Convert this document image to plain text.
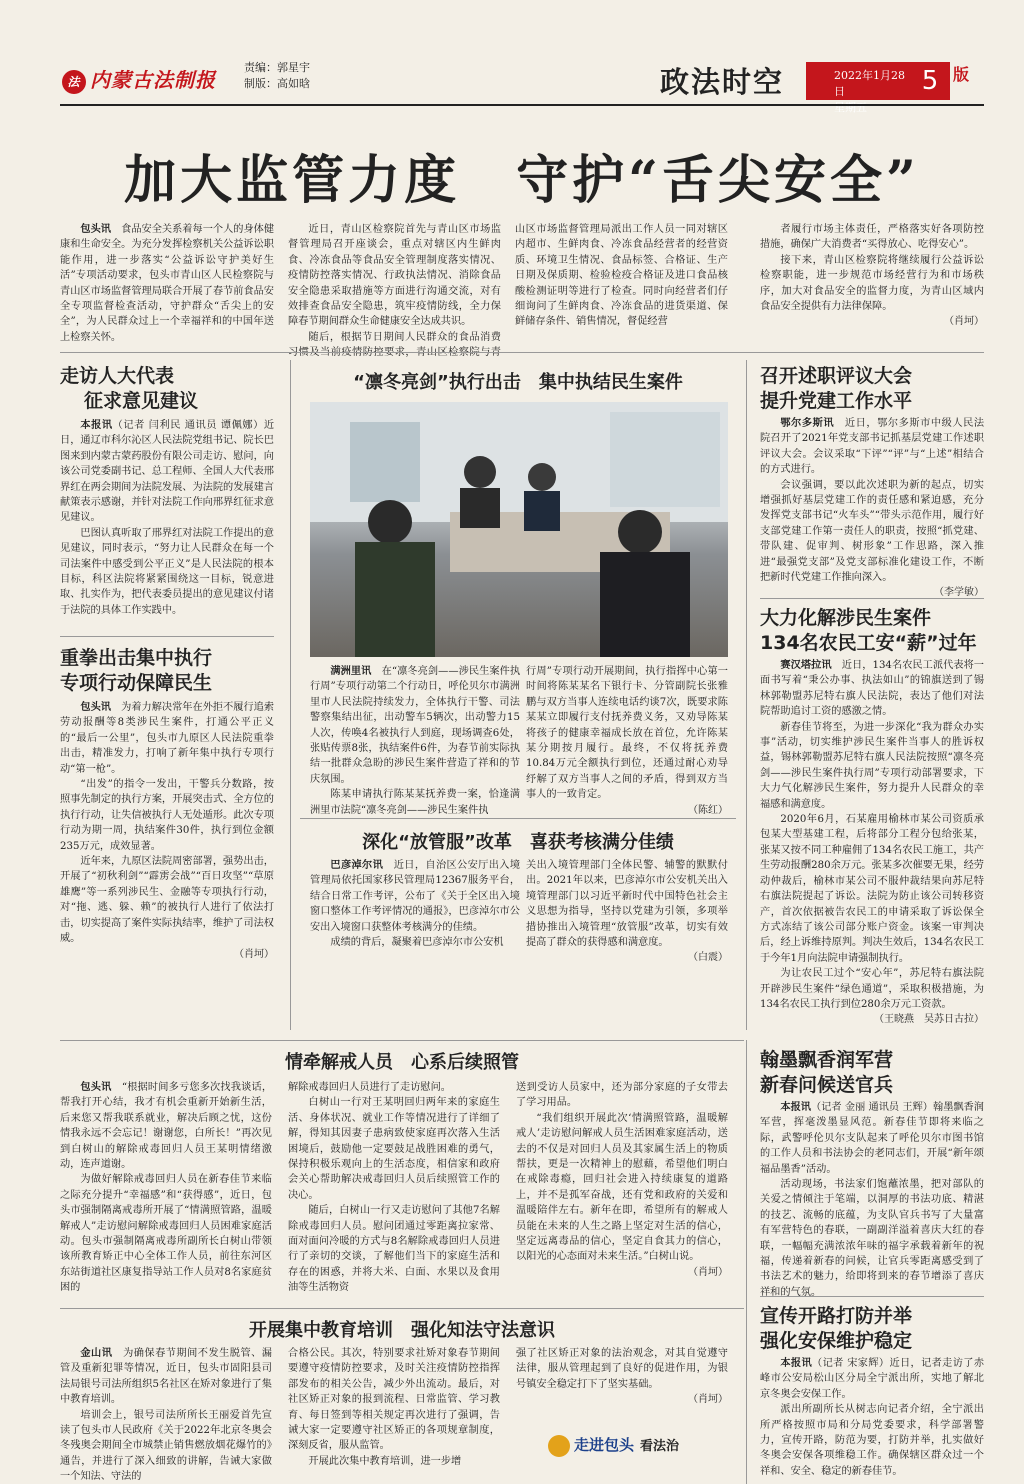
法 内蒙古法制报
责编：郭星宇
制版：高如晗	政法时空	2022年1月28日
星期五
5 版
加大监管力度　守护“舌尖安全”

包头讯　 食品安全关系着每一个人的身体健康和生命安全。为充分发挥检察机关公益诉讼职能作用，进一步落实“公益诉讼守护美好生活”专项活动要求，包头市青山区人民检察院与青山区市场监督管理局联合开展了春节前食品安全专项监督检查活动，守护群众“舌尖上的安全”，为人民群众过上一个幸福祥和的中国年送上检察关怀。

近日，青山区检察院首先与青山区市场监督管理局召开座谈会，重点对辖区内生鲜肉食、冷冻食品等食品安全管理制度落实情况、疫情防控落实情况、行政执法情况、消除食品安全隐患采取措施等方面进行沟通交流，对有效排查食品安全隐患，筑牢疫情防线，全力保障春节期间群众生命健康安全达成共识。

随后，根据节日期间人民群众的食品消费习惯及当前疫情防控要求，青山区检察院与青山区市场监督管理局派出工作人员一同对辖区内超市、生鲜肉食、冷冻食品经营者的经营资质、环境卫生情况、食品标签、合格证、生产日期及保质期、检验检疫合格证及进口食品核酸检测证明等进行了检查。同时向经营者们仔细询问了生鲜肉食、冷冻食品的进货渠道、保鲜储存条件、销售情况，督促经营

者履行市场主体责任，严格落实好各项防控措施，确保广大消费者“买得放心、吃得安心”。

接下来，青山区检察院将继续履行公益诉讼检察职能，进一步规范市场经营行为和市场秩序，加大对食品安全的监督力度，为青山区域内食品安全提供有力法律保障。

（肖坷）
走访人大代表
征求意见建议

本报讯（记者 闫利民 通讯员 谭佩娜）近日，通辽市科尔沁区人民法院党组书记、院长巴图来到内蒙古蒙药股份有限公司走访、慰问，向该公司党委副书记、总工程师、全国人大代表邢界红在两会期间为法院发展、为法院的发展建言献策表示感谢，并针对法院工作向邢界红征求意见建议。

巴图认真听取了邢界红对法院工作提出的意见建议，同时表示，“努力让人民群众在每一个司法案件中感受到公平正义”是人民法院的根本目标，科区法院将紧紧围绕这一目标，锐意进取、扎实作为，把代表委员提出的意见建议付诸于法院的具体工作实践中。

重拳出击集中执行
专项行动保障民生

包头讯　 为着力解决常年在外拒不履行追索劳动报酬等8类涉民生案件，打通公平正义的“最后一公里”，包头市九原区人民法院重拳出击，精准发力，打响了新年集中执行专项行动“第一枪”。

“出发”的指令一发出，干警兵分数路，按照事先制定的执行方案，开展突击式、全方位的执行行动，让失信被执行人无处遁形。此次专项行动为期一周，执结案件30件，执行到位金额235万元，成效显著。

近年来，九原区法院周密部署，强势出击，开展了“初秋利剑”“霹雳会战”“百日攻坚”“草原雄鹰”等一系列涉民生、金融等专项执行行动，对“拖、逃、躲、赖”的被执行人进行了依法打击，切实提高了案件实际执结率，维护了司法权威。

（肖坷）
“凛冬亮剑”执行出击　集中执结民生案件

满洲里讯　 在“凛冬亮剑——涉民生案件执行周”专项行动第二个行动日，呼伦贝尔市满洲里市人民法院持续发力，全体执行干警、司法警察集结出征，出动警车5辆次，出动警力15人次，传唤4名被执行人到庭，现场调查6处，张贴传票8张，执结案件6件，为春节前实际执结一批群众急盼的涉民生案件营造了祥和的节庆氛围。

陈某申请执行陈某某抚养费一案，恰逢满洲里市法院“凛冬亮剑——涉民生案件执

行周”专项行动开展期间，执行指挥中心第一时间将陈某某名下银行卡、分管副院长张雅鹏与双方当事人连续电话约谈7次，既要求陈某某立即履行支付抚养费义务，又劝导陈某将孩子的健康幸福成长放在首位，允许陈某某分期按月履行。最终，不仅将抚养费10.84万元全额执行到位，还通过耐心劝导纾解了双方当事人之间的矛盾，得到双方当事人的一致肯定。

（陈红）
深化“放管服”改革　喜获考核满分佳绩

巴彦淖尔讯　 近日，自治区公安厅出入境管理局依托国家移民管理局12367服务平台，结合日常工作考评，公布了《关于全区出入境窗口整体工作考评情况的通报》，巴彦淖尔市公安出入境窗口获整体考核满分的佳绩。

成绩的背后，凝聚着巴彦淖尔市公安机

关出入境管理部门全体民警、辅警的默默付出。2021年以来，巴彦淖尔市公安机关出入境管理部门以习近平新时代中国特色社会主义思想为指导，坚持以党建为引领，多项举措协推出入境管理“放管服”改革，切实有效提高了群众的获得感和满意度。

（白震）
召开述职评议大会
提升党建工作水平

鄂尔多斯讯　 近日，鄂尔多斯市中级人民法院召开了2021年党支部书记抓基层党建工作述职评议大会。会议采取“下评”“评”与“上述”相结合的方式进行。

会议强调，要以此次述职为新的起点，切实增强抓好基层党建工作的责任感和紧迫感，充分发挥党支部书记“火车头”“带头示范作用，履行好支部党建工作第一责任人的职责，按照“抓党建、带队建、促审判、树形象”工作思路，深入推进“最强党支部”及党支部标准化建设工作，不断把新时代党建工作推向深入。

（李学敏）
大力化解涉民生案件
134名农民工安“薪”过年

赛汉塔拉讯　 近日，134名农民工派代表将一面书写着“秉公办事、执法如山”的锦旗送到了锡林郭勒盟苏尼特右旗人民法院，表达了他们对法院帮助追讨工资的感激之情。

新春佳节将至，为进一步深化“我为群众办实事”活动，切实维护涉民生案件当事人的胜诉权益，锡林郭勒盟苏尼特右旗人民法院按照“凛冬亮剑——涉民生案件执行周”专项行动部署要求，下大力气化解涉民生案件，努力提升人民群众的幸福感和满意度。

2020年6月，石某雇用榆林市某公司资质承包某大型基建工程，后将部分工程分包给张某，张某又按不同工种雇佣了134名农民工施工，共产生劳动报酬280余万元。张某多次催要无果，经劳动仲裁后，榆林市某公司不服仲裁结果向苏尼特右旗法院提起了诉讼。法院为防止该公司转移资产，首次依据被告农民工的申请采取了诉讼保全方式冻结了该公司部分账户资金。该案一审判决后，经上诉维持原判。判决生效后，134名农民工于今年1月向法院申请强制执行。

为让农民工过个“安心年”，苏尼特右旗法院开辟涉民生案件“绿色通道”，采取积极措施，为134名农民工执行到位280余万元工资款。

（王晓燕　吴苏日古拉）
情牵解戒人员　心系后续照管

包头讯　 “根据时间多亏您多次找我谈话，帮我打开心结，我才有机会重新开始新生活，后来您又帮我联系就业，解决后顾之忧，这份情我永远不会忘记！谢谢您，白所长！”再次见到白树山的解除戒毒回归人员王某明情绪激动，连声道谢。

为做好解除戒毒回归人员在新春佳节来临之际充分提升“幸福感”和“获得感”，近日，包头市强制隔离戒毒所开展了“情满照管路，温暖解戒人”走访慰问解除戒毒回归人员困难家庭活动。包头市强制隔离戒毒所副所长白树山带领该所教育矫正中心全体工作人员，前往东河区东站街道社区康复指导站工作人员对8名家庭贫困的

解除戒毒回归人员进行了走访慰问。

白树山一行对王某明回归两年来的家庭生活、身体状况、就业工作等情况进行了详细了解，得知其因妻子患病致使家庭再次落入生活困境后，鼓励他一定要鼓足战胜困难的勇气，保持积极乐观向上的生活态度，相信家和政府会关心帮助解决戒毒回归人员后续照管工作的决心。

随后，白树山一行又走访慰问了其他7名解除戒毒回归人员。慰问团通过零距离拉家常、面对面问冷暖的方式与8名解除戒毒回归人员进行了亲切的交谈，了解他们当下的家庭生活和存在的困惑，并将大米、白面、水果以及食用油等生活物资

送到受访人员家中，还为部分家庭的子女带去了学习用品。

“我们组织开展此次‘情满照管路，温暖解戒人’走访慰问解戒人员生活困难家庭活动，送去的不仅是对回归人员及其家属生活上的物质帮扶，更是一次精神上的慰藉，希望他们明白在戒除毒瘾，回归社会进入持续康复的道路上，并不是孤军奋战，还有党和政府的关爱和温暖陪伴左右。新年在即，希望所有的解戒人员能在未来的人生之路上坚定对生活的信心，坚定远离毒品的信心，坚定自食其力的信心，以阳光的心态面对未来生活。”白树山说。

（肖坷）
翰墨飘香润军营
新春问候送官兵

本报讯（记者 金丽 通讯员 王辉）翰墨飘香润军营，挥毫泼墨显风范。新春佳节即将来临之际，武警呼伦贝尔支队起来了呼伦贝尔市图书馆的工作人员和书法协会的老同志们，开展“新年颂福品墨香”活动。

活动现场，书法家们饱蘸浓墨，把对部队的关爱之情倾注于笔端，以洞厚的书法功底、精湛的技艺、流畅的底蕴，为支队官兵书写了大量富有军营特色的春联，一副副洋溢着喜庆大红的春联，一幅幅充满浓浓年味的福字承载着新年的祝福，传递着新春的问候，让官兵零距离感受到了书法艺术的魅力，给即将到来的春节增添了喜庆祥和的气氛。

开展集中教育培训　强化知法守法意识

金山讯　 为确保春节期间不发生脱管、漏管及重新犯罪等情况，近日，包头市固阳县司法局银号司法所组织5名社区在矫对象进行了集中教育培训。

培训会上，银号司法所所长王丽爱首先宣读了包头市人民政府《关于2022年北京冬奥会冬残奥会期间全市城禁止销售燃放烟花爆竹的》通告，并进行了深入细致的讲解，告诫大家做一个知法、守法的

合格公民。其次，特别要求社矫对象春节期间要遵守疫情防控要求，及时关注疫情防控指挥部发布的相关公告，减少外出流动。最后，对社区矫正对象的报到流程、日常监管、学习教育、每日签到等相关规定再次进行了强调，告诫大家一定要遵守社区矫正的各项规章制度，深刻反省，服从监管。

开展此次集中教育培训，进一步增

强了社区矫正对象的法治观念，对其自觉遵守法律，服从管理起到了良好的促进作用，为银号镇安全稳定打下了坚实基础。

（肖坷）
宣传开路打防并举
强化安保维护稳定

本报讯（记者 宋家辉）近日，记者走访了赤峰市公安局松山区分局全宁派出所，实地了解北京冬奥会安保工作。

派出所副所长从树志向记者介绍，全宁派出所严格按照市局和分局党委要求，科学部署警力，宣传开路，防范为要，打防并举，扎实做好冬奥会安保各项维稳工作。确保辖区群众过一个祥和、安全、稳定的新春佳节。

走进包头 看法治
